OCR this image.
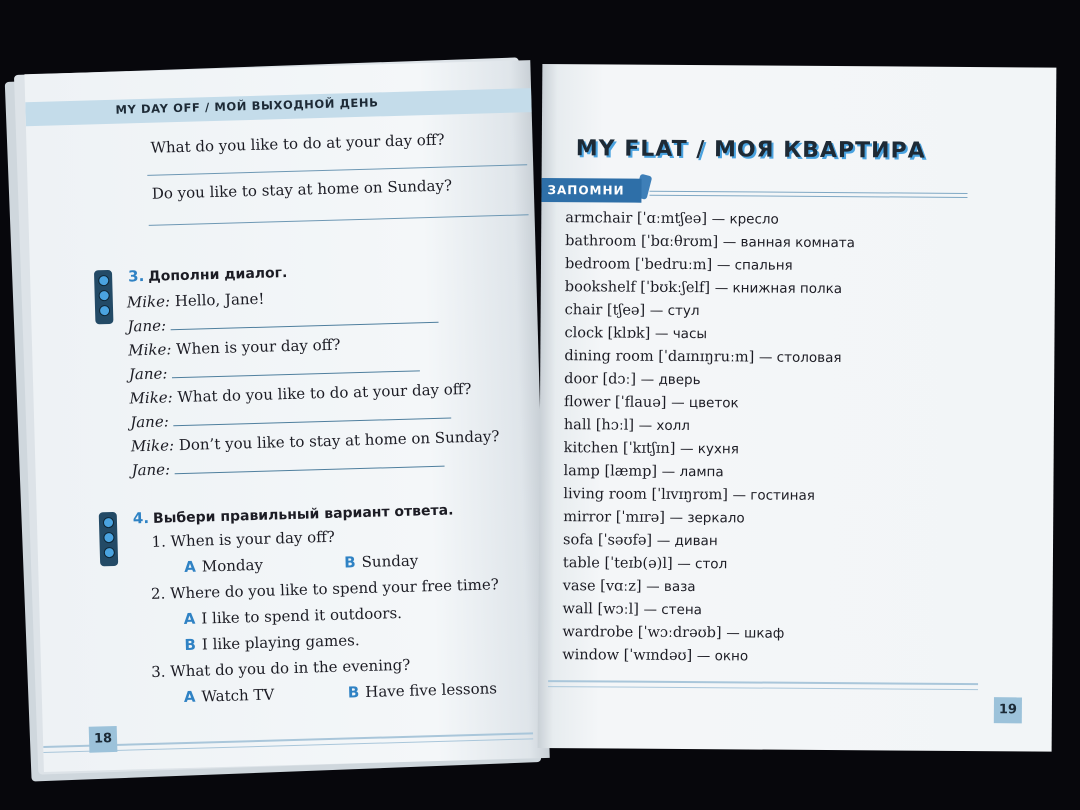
MY DAY OFF / МОЙ ВЫХОДНОЙ ДЕНЬ
What do you like to do at your day off?
Do you like to stay at home on Sunday?
3. Дополни диалог.
Mike: Hello, Jane!
Jane:
Mike: When is your day off?
Jane:
Mike: What do you like to do at your day off?
Jane:
Mike: Don’t you like to stay at home on Sunday?
Jane:
4. Выбери правильный вариант ответа.
1. When is your day off?
A Monday	B Sunday
2. Where do you like to spend your free time?
A I like to spend it outdoors.
B I like playing games.
3. What do you do in the evening?
A Watch TV	B Have five lessons
18
MY FLAT / МОЯ КВАРТИРА
ЗАПОМНИ
armchair [ˈɑːmtʃeə] — кресло
bathroom [ˈbɑːθrʊm] — ванная комната
bedroom [ˈbedruːm] — спальня
bookshelf [ˈbʊkːʃelf] — книжная полка
chair [tʃeə] — стул
clock [klɒk] — часы
dining room [ˈdaɪnɪŋruːm] — столовая
door [dɔː] — дверь
flower [ˈflauə] — цветок
hall [hɔːl] — холл
kitchen [ˈkɪtʃɪn] — кухня
lamp [læmp] — лампа
living room [ˈlɪvɪŋrʊm] — гостиная
mirror [ˈmɪrə] — зеркало
sofa [ˈsəʊfə] — диван
table [ˈteɪb(ə)l] — стол
vase [vɑːz] — ваза
wall [wɔːl] — стена
wardrobe [ˈwɔːdrəʊb] — шкаф
window [ˈwɪndəʊ] — окно
19
